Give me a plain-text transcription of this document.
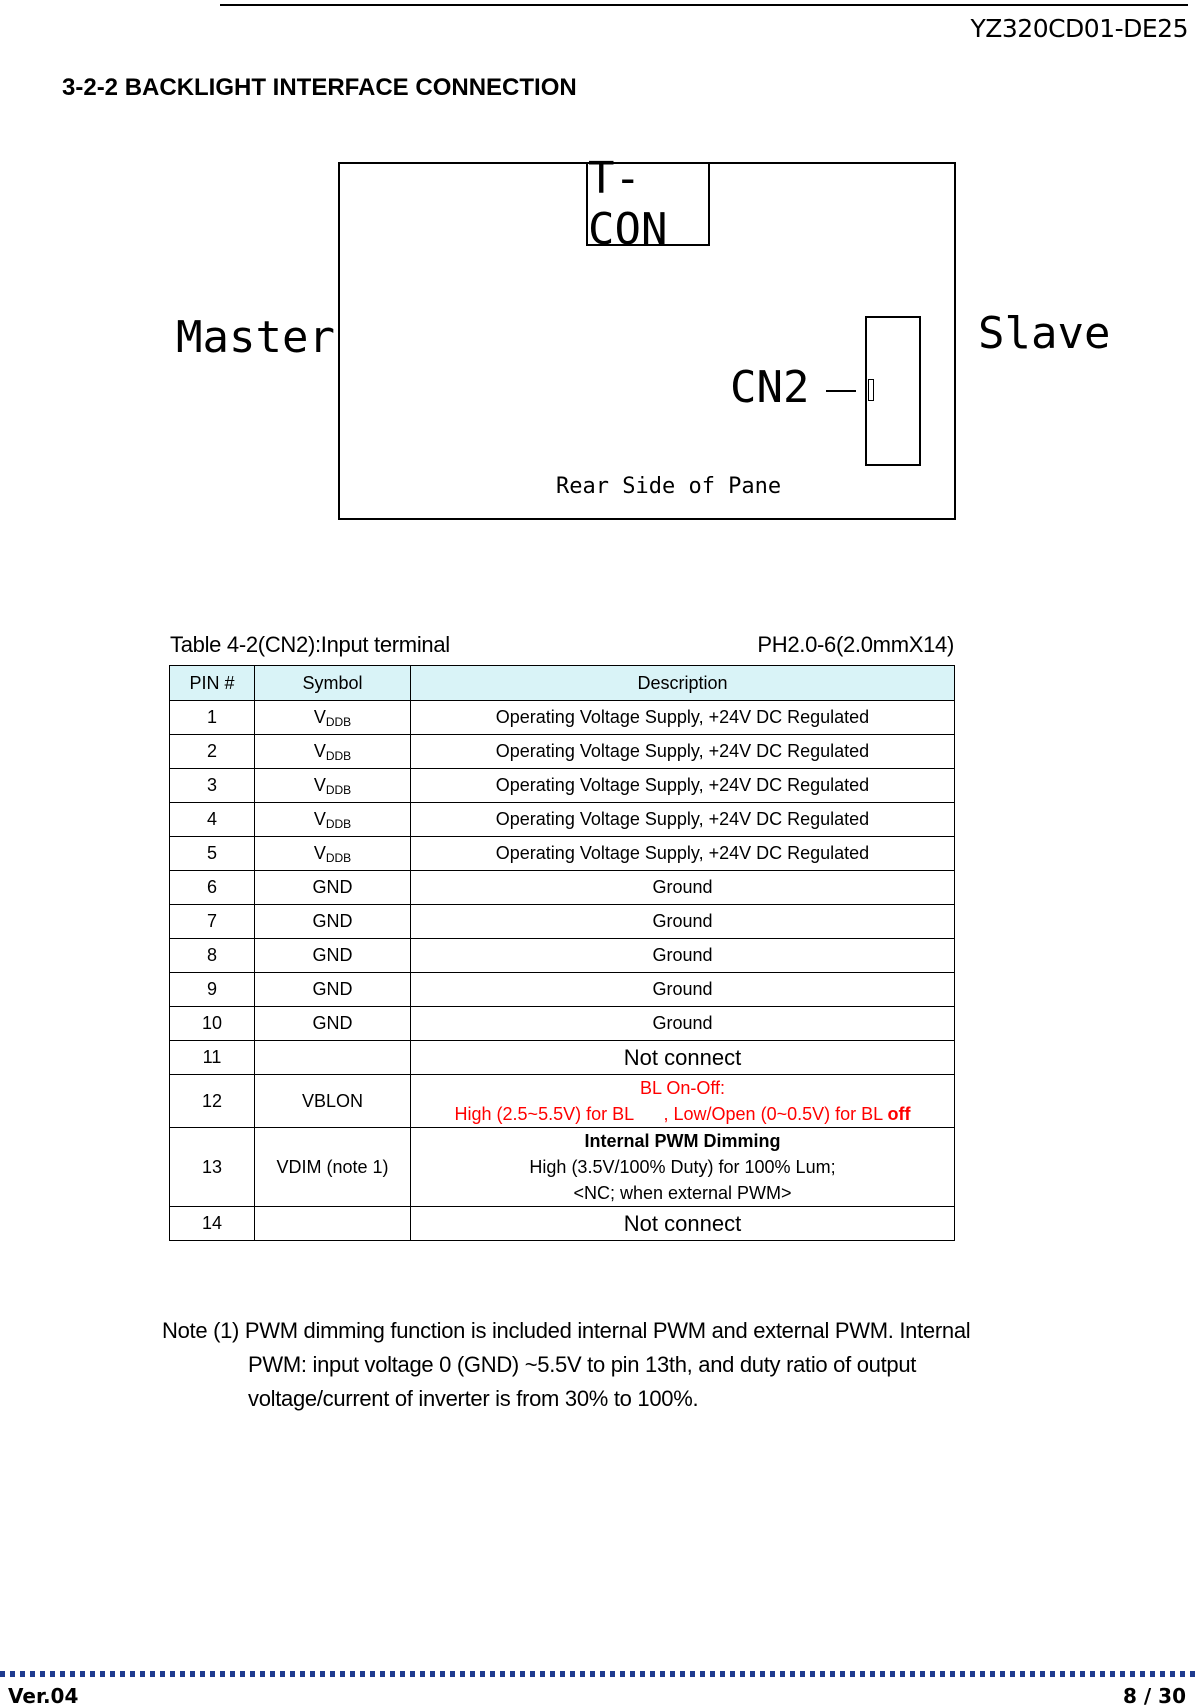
YZ320CD01-DE25
3-2-2 BACKLIGHT INTERFACE CONNECTION
T-CON
Master	Slave
CN2
Rear Side of Pane
Table 4-2(CN2):Input terminal	PH2.0-6(2.0mmX14)
PIN #	Symbol	Description
1	$V_{DDB}$	Operating Voltage Supply, +24V DC Regulated
2	$V_{DDB}$	Operating Voltage Supply, +24V DC Regulated
3	$V_{DDB}$	Operating Voltage Supply, +24V DC Regulated
4	$V_{DDB}$	Operating Voltage Supply, +24V DC Regulated
5	$V_{DDB}$	Operating Voltage Supply, +24V DC Regulated
6	GND	Ground
7	GND	Ground
8	GND	Ground
9	GND	Ground
10	GND	Ground
11		Not connect
12	VBLON	BL On-Off:
High (2.5~5.5V) for BL on , Low/Open (0~0.5V) for BL off

13	VDIM (note 1)	Internal PWM Dimming
High (3.5V/100% Duty) for 100% Lum;
<NC; when external PWM>

14		Not connect
Note (1) PWM dimming function is included internal PWM and external PWM. Internal
PWM: input voltage 0 (GND) ~5.5V to pin 13th, and duty ratio of output
voltage/current of inverter is from 30% to 100%.
Ver.04	8 / 30
